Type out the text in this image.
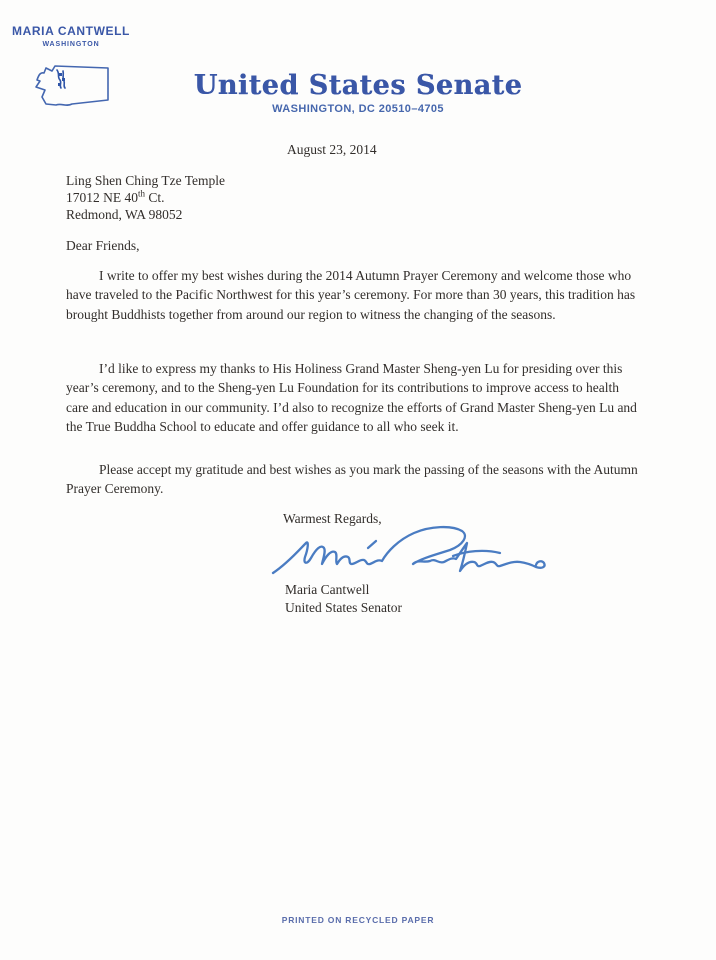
MARIA CANTWELL
WASHINGTON
United States Senate
WASHINGTON, DC 20510–4705
August 23, 2014
Ling Shen Ching Tze Temple
17012 NE 40th Ct.
Redmond, WA 98052
Dear Friends,
I write to offer my best wishes during the 2014 Autumn Prayer Ceremony and welcome those who have traveled to the Pacific Northwest for this year’s ceremony. For more than 30 years, this tradition has brought Buddhists together from around our region to witness the changing of the seasons.
I’d like to express my thanks to His Holiness Grand Master Sheng-yen Lu for presiding over this year’s ceremony, and to the Sheng-yen Lu Foundation for its contributions to improve access to health care and education in our community. I’d also to recognize the efforts of Grand Master Sheng-yen Lu and the True Buddha School to educate and offer guidance to all who seek it.
Please accept my gratitude and best wishes as you mark the passing of the seasons with the Autumn Prayer Ceremony.
Warmest Regards,
Maria Cantwell
United States Senator
PRINTED ON RECYCLED PAPER
